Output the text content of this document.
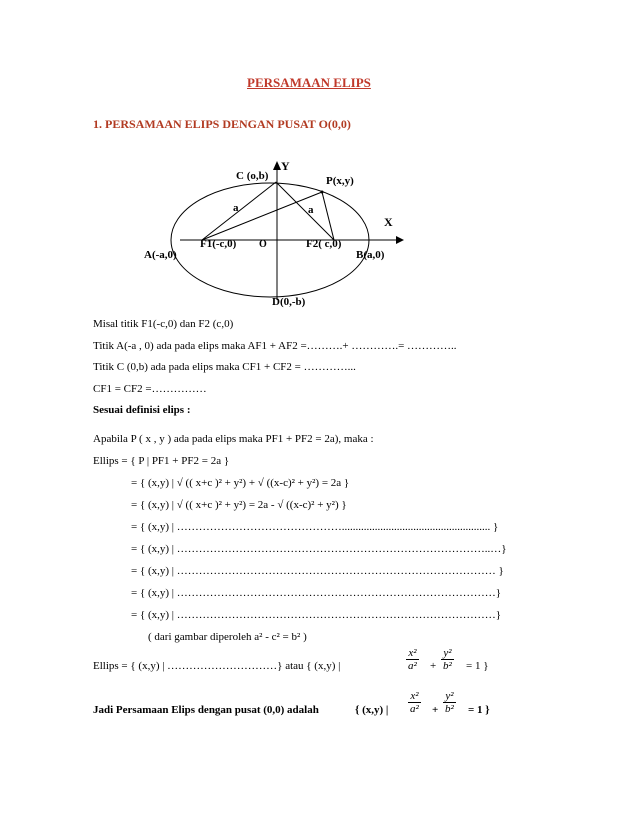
PERSAMAAN ELIPS
1. PERSAMAAN ELIPS DENGAN PUSAT O(0,0)
Y
C (o,b)	P(x,y)
a	a
X
A(-a,0)
F1(-c,0) O	F2( c,0)
B(a,0)
D(0,-b)
Misal titik F1(-c,0) dan F2 (c,0)
Titik A(-a , 0) ada pada elips maka AF1 + AF2 =……….+ ………….= …………..
Titik C (0,b) ada pada elips maka CF1 + CF2 = …………...
CF1 = CF2 =……………
Sesuai definisi elips :
Apabila P ( x , y ) ada pada elips maka PF1 + PF2 = 2a), maka :
Ellips = { P | PF1 + PF2 = 2a }
= { (x,y) | √ (( x+c )² + y²) + √ ((x-c)² + y²) = 2a }
= { (x,y) | √ (( x+c )² + y²) = 2a - √ ((x-c)² + y²) }
= { (x,y) | ………………………………………...................................................... }
= { (x,y) | …………………………………………………………………………..…}
= { (x,y) | …………………………………………………………………………… }
= { (x,y) | ……………………………………………………………………………}
= { (x,y) | ……………………………………………………………………………}
( dari gambar diperoleh a² - c² = b² )
Ellips = { (x,y) | …………………………} atau { (x,y) |	$\frac{\text{x²}}{\text{a²}} + \frac{\text{y²}}{\text{b²}} = 1$ }
Jadi Persamaan Elips dengan pusat (0,0) adalah	{ (x,y) | $\frac{\text{x²}}{\text{a²}} + \frac{\text{y²}}{\text{b²}} = 1$ }
